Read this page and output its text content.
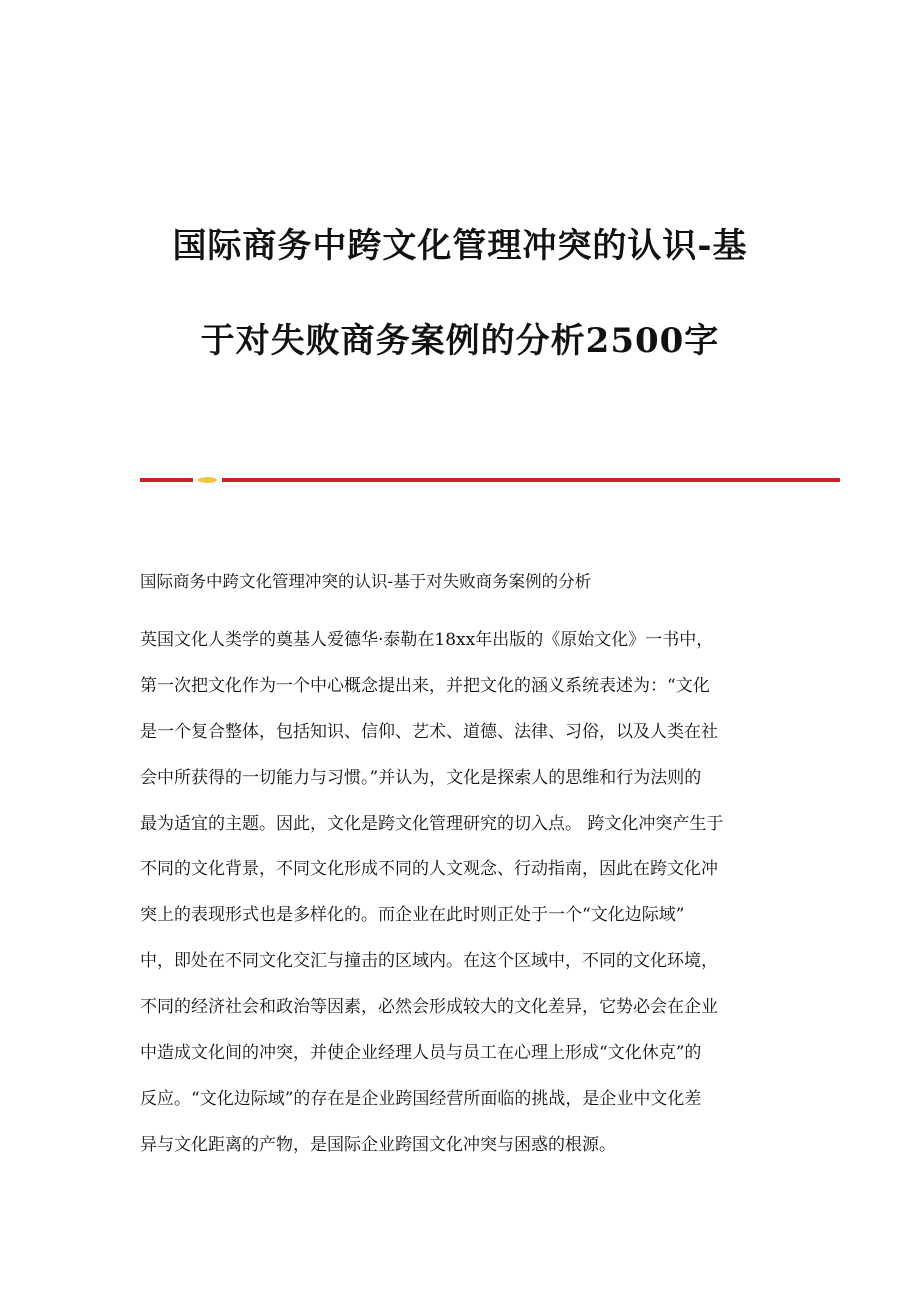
国际商务中跨文化管理冲突的认识-基
于对失败商务案例的分析2500字
国际商务中跨文化管理冲突的认识-基于对失败商务案例的分析
英国文化人类学的奠基人爱德华·泰勒在18xx年出版的《原始文化》一书中，
第一次把文化作为一个中心概念提出来，并把文化的涵义系统表述为：“文化
是一个复合整体，包括知识、信仰、艺术、道德、法律、习俗，以及人类在社
会中所获得的一切能力与习惯。”并认为，文化是探索人的思维和行为法则的
最为适宜的主题。因此，文化是跨文化管理研究的切入点。 跨文化冲突产生于
不同的文化背景，不同文化形成不同的人文观念、行动指南，因此在跨文化冲
突上的表现形式也是多样化的。而企业在此时则正处于一个“文化边际域”
中，即处在不同文化交汇与撞击的区域内。在这个区域中，不同的文化环境，
不同的经济社会和政治等因素，必然会形成较大的文化差异，它势必会在企业
中造成文化间的冲突，并使企业经理人员与员工在心理上形成“文化休克”的
反应。“文化边际域”的存在是企业跨国经营所面临的挑战，是企业中文化差
异与文化距离的产物，是国际企业跨国文化冲突与困惑的根源。
